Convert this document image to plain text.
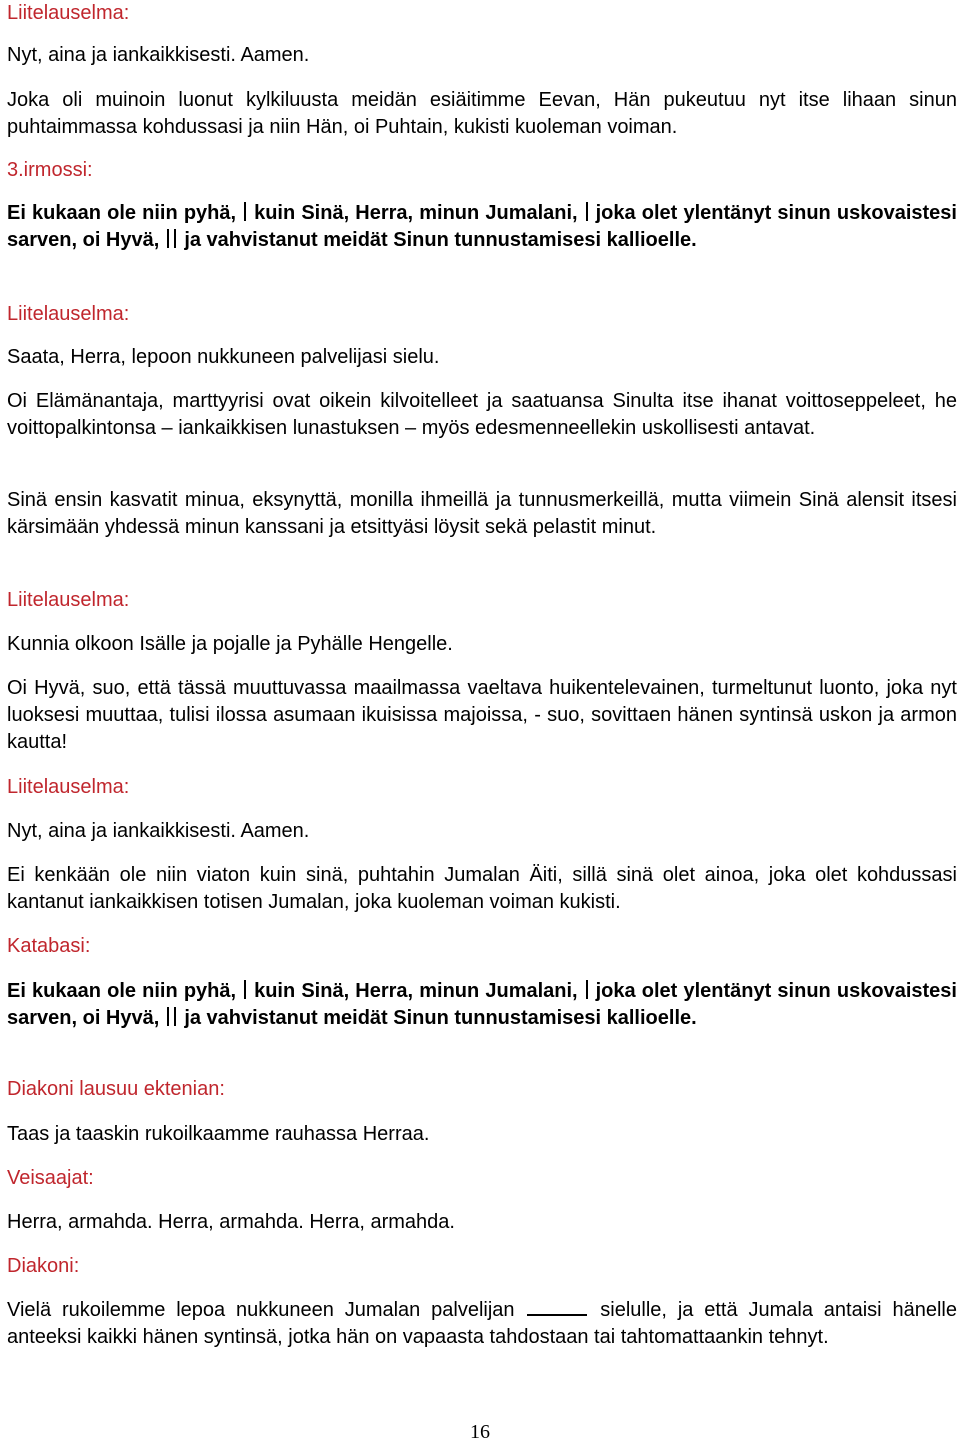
Liitelauselma:

Nyt, aina ja iankaikkisesti. Aamen.

Joka oli muinoin luonut kylkiluusta meidän esiäitimme Eevan, Hän pukeutuu nyt itse lihaan sinun puhtaimmassa kohdussasi ja niin Hän, oi Puhtain, kukisti kuoleman voiman.

3.irmossi:

Ei kukaan ole niin pyhä, kuin Sinä, Herra, minun Jumalani, joka olet ylentänyt sinun uskovaistesi sarven, oi Hyvä, ja vahvistanut meidät Sinun tunnustamisesi kallioelle.

Liitelauselma:

Saata, Herra, lepoon nukkuneen palvelijasi sielu.

Oi Elämänantaja, marttyyrisi ovat oikein kilvoitelleet ja saatuansa Sinulta itse ihanat voittoseppeleet, he voittopalkintonsa – iankaikkisen lunastuksen – myös edesmenneellekin uskollisesti antavat.

Sinä ensin kasvatit minua, eksynyttä, monilla ihmeillä ja tunnusmerkeillä, mutta viimein Sinä alensit itsesi kärsimään yhdessä minun kanssani ja etsittyäsi löysit sekä pelastit minut.

Liitelauselma:

Kunnia olkoon Isälle ja pojalle ja Pyhälle Hengelle.

Oi Hyvä, suo, että tässä muuttuvassa maailmassa vaeltava huikentelevainen, turmeltunut luonto, joka nyt luoksesi muuttaa, tulisi ilossa asumaan ikuisissa majoissa, - suo, sovittaen hänen syntinsä uskon ja armon kautta!

Liitelauselma:

Nyt, aina ja iankaikkisesti. Aamen.

Ei kenkään ole niin viaton kuin sinä, puhtahin Jumalan Äiti, sillä sinä olet ainoa, joka olet kohdussasi kantanut iankaikkisen totisen Jumalan, joka kuoleman voiman kukisti.

Katabasi:

Ei kukaan ole niin pyhä, kuin Sinä, Herra, minun Jumalani, joka olet ylentänyt sinun uskovaistesi sarven, oi Hyvä, ja vahvistanut meidät Sinun tunnustamisesi kallioelle.

Diakoni lausuu ektenian:

Taas ja taaskin rukoilkaamme rauhassa Herraa.

Veisaajat:

Herra, armahda. Herra, armahda. Herra, armahda.

Diakoni:

Vielä rukoilemme lepoa nukkuneen Jumalan palvelijan	sielulle, ja että Jumala antaisi hänelle anteeksi kaikki hänen syntinsä, jotka hän on vapaasta tahdostaan tai tahtomattaankin tehnyt.

16
